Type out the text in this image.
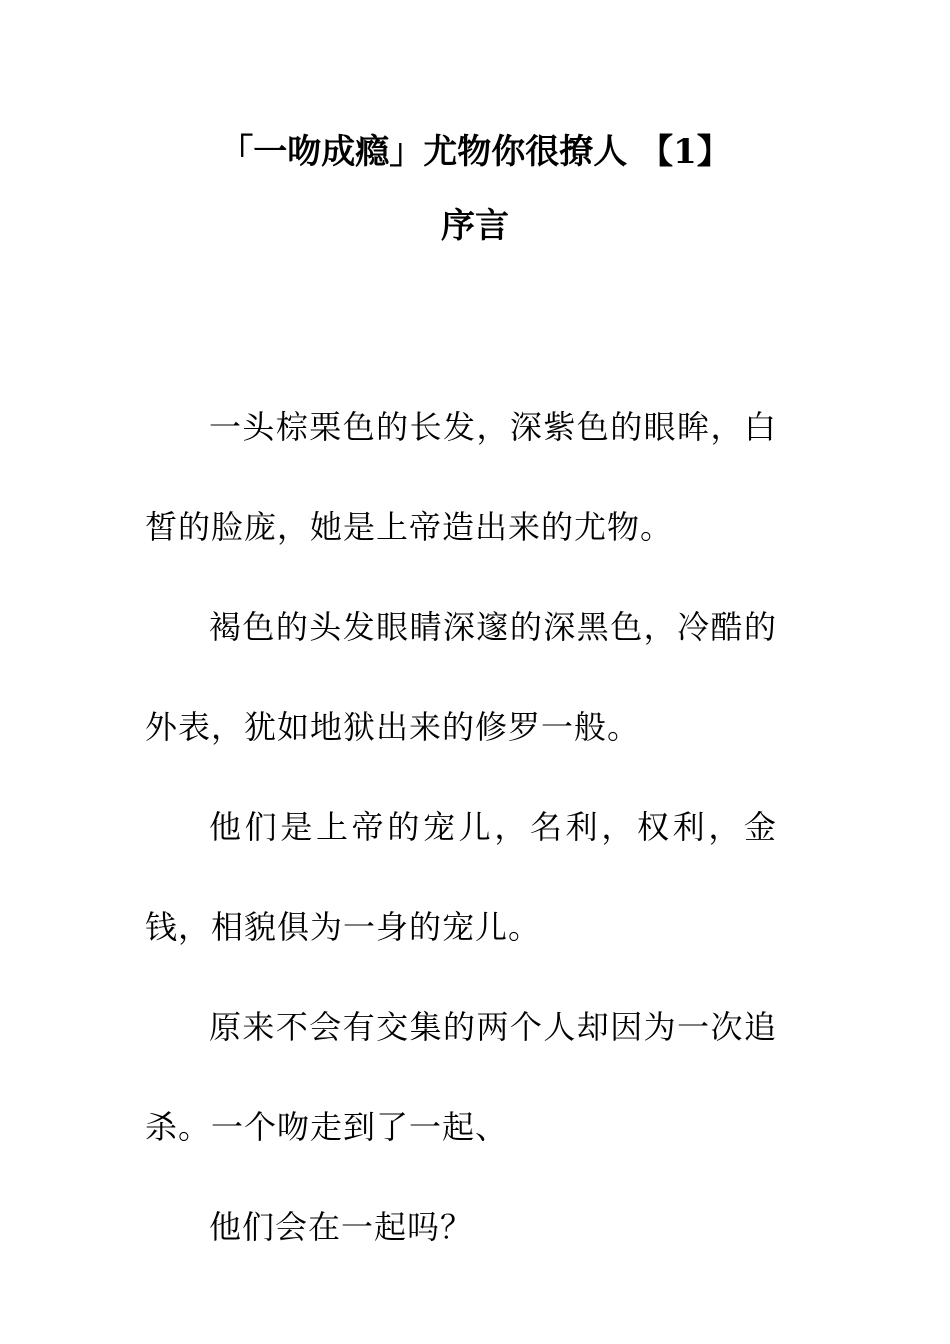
「一吻成瘾」尤物你很撩人 【1】
序言

一头棕栗色的长发，深紫色的眼眸，白皙的脸庞，她是上帝造出来的尤物。

褐色的头发眼睛深邃的深黑色，冷酷的外表，犹如地狱出来的修罗一般。

他们是上帝的宠儿，名利，权利，金钱，相貌俱为一身的宠儿。

原来不会有交集的两个人却因为一次追杀。一个吻走到了一起、

他们会在一起吗？
